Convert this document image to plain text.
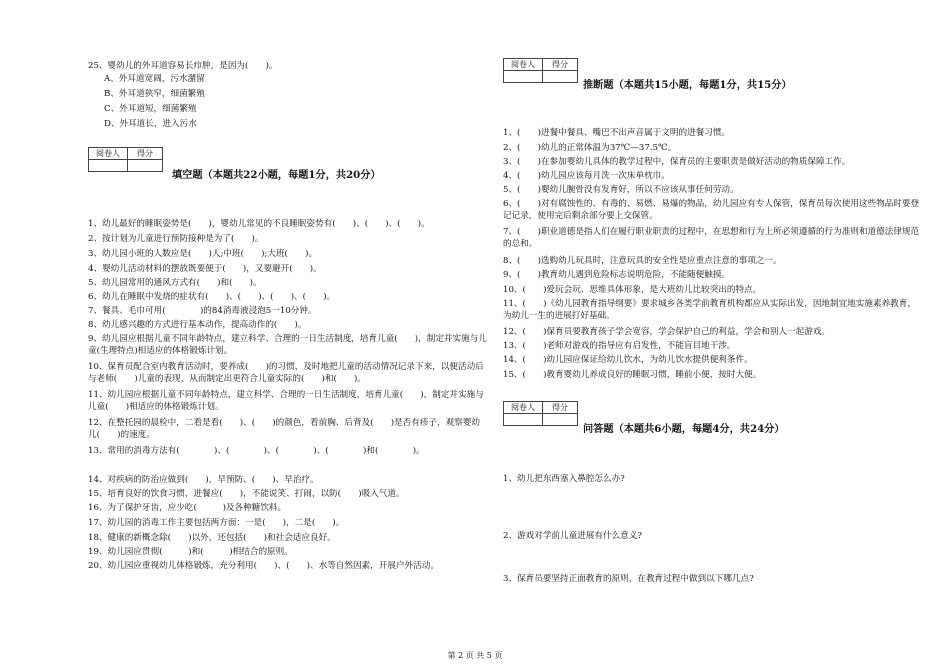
25、婴幼儿的外耳道容易长疖肿，是因为(　　)。
A、外耳道宽阔，污水潴留
B、外耳道狭窄，细菌繁殖
C、外耳道短，细菌繁殖
D、外耳道长，进入污水
阅卷人	得分

填空题（本题共22小题，每题1分，共20分）
1、幼儿最好的睡眠姿势是(　　)，婴幼儿常见的不良睡眠姿势有(　　)、(　　)、(　　)。
2、按计划为儿童进行预防接种是为了(　　)。
3、幼儿园小班的人数应是(　　)人;中班(　　);大班(　　)。
4、婴幼儿活动材料的摆放既要便于(　　)，又要避开(　　)。
5、幼儿园常用的通风方式有(　　)和(　　)。
6、幼儿在睡眠中发烧的症状有(　　)、(　　)、(　　)、(　　)。
7、餐具、毛巾可用(　　　　)的84消毒液浸泡5一10分钟。
8、幼儿感兴趣的方式进行基本动作，提高动作的(　　)。
9、幼儿园应根据儿童不同年龄特点，建立科学、合理的一日生活制度，培育儿童(　　)，制定并实施与儿童(生理特点)相适应的体格锻炼计划。
10、保育员配合室内教育活动时，要养成(　　)的习惯，及时地把儿童的活动情况记录下来，以便活动后与老师(　　)儿童的表现，从而制定出更符合儿童实际的(　　)和(　　)。
11、幼儿园应根据儿童不同年龄特点，建立科学、合理的一日生活制度，培育儿童(　　)，制定并实施与儿童(　　)相适应的体格锻炼计划。
12、在整托园的晨检中，二看是看(　　)、(　　)的颜色，看前胸、后背及(　　)是否有疹子，观察婴幼儿(　　)的速度。
13、常用的消毒方法有(　　　　)、(　　　　)、(　　　　)、(　　　　)和(　　　　)。
14、对疾病的防治应做到(　　)，早预防、(　　)、早治疗。
15、培育良好的饮食习惯，进餐应(　　)，不能说笑、打闹，以防(　　)吸入气道。
16、为了保护牙齿，应少吃(　　　)及各种糖饮料。
17、幼儿园的消毒工作主要包括两方面：一是(　　)，二是(　　)。
18、健康的新概念除(　　)以外，还包括(　　)和社会适应良好。
19、幼儿园应贯彻(　　　)和(　　　)相结合的原则。
20、幼儿园应重视幼儿体格锻炼，充分利用(　　)、(　　)、水等自然因素，开展户外活动。
阅卷人	得分

推断题（本题共15小题，每题1分，共15分）
1、(　　)进餐中餐具、嘴巴不出声音属于文明的进餐习惯。
2、(　　)幼儿的正常体温为37℃—37.5℃。
3、(　　)在参加婴幼儿具体的教学过程中，保育员的主要职责是做好活动的物质保障工作。
4、(　　)幼儿园应该每月洗一次床单枕巾。
5、(　　)婴幼儿腕骨没有发育好，所以不应该从事任何劳动。
6、(　　)对有腐蚀性的、有毒的、易燃、易爆的物品，幼儿园应有专人保管，保育员每次使用这些物品时要登记记录，使用完后剩余部分要上交保管。
7、(　　)职业道德是指人们在履行职业职责的过程中，在思想和行为上所必须遵循的行为准则和道德法律规范的总和。
8、(　　)选购幼儿玩具时，注意玩具的安全性是应重点注意的事项之一。
9、(　　)教育幼儿遇到危险标志说明危险，不能随便触摸。
10、(　　)爱玩会玩、思维具体形象，是大班幼儿比较突出的特点。
11、(　　)《幼儿园教育指导纲要》要求城乡各类学前教育机构都应从实际出发，因地制宜地实施素养教育，为幼儿一生的进展打好基础。
12、(　　)保育员要教育孩子学会宽容，学会保护自己的利益，学会和别人一起游戏。
13、(　　)老师对游戏的指导应有启发性，不能盲目地干涉。
14、(　　)幼儿园应保证给幼儿饮水，为幼儿饮水提供便利条件。
15、(　　)教育婴幼儿养成良好的睡眠习惯，睡前小便，按时大便。
阅卷人	得分

问答题（本题共6小题，每题4分，共24分）
1、幼儿把东西塞入鼻腔怎么办?
2、游戏对学前儿童进展有什么意义?
3、保育员要坚持正面教育的原则，在教育过程中做到以下哪几点?
第 2 页 共 5 页
